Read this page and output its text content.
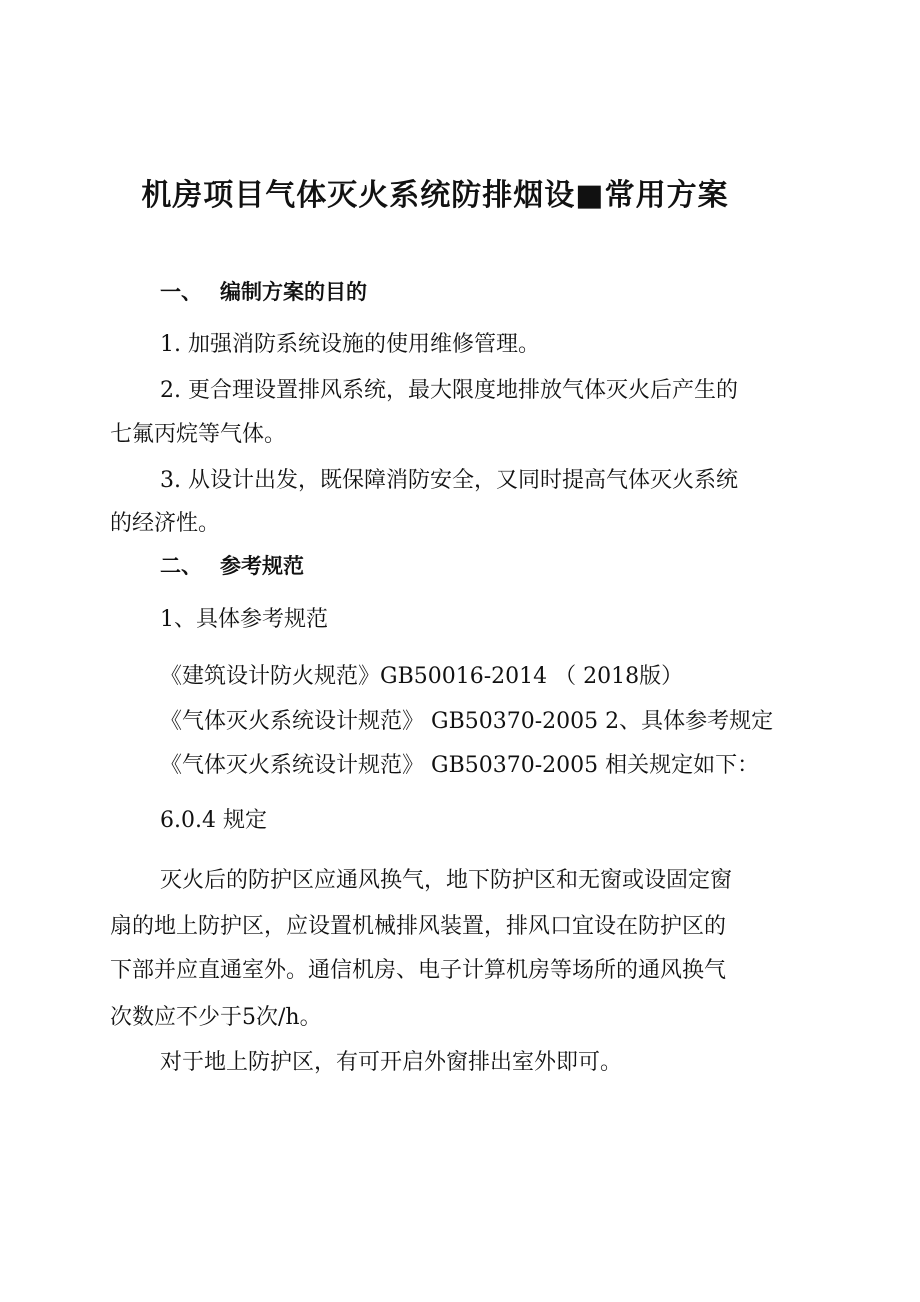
机房项目气体灭火系统防排烟设■常用方案
一、 编制方案的目的
1. 加强消防系统设施的使用维修管理。
2. 更合理设置排风系统，最大限度地排放气体灭火后产生的
七氟丙烷等气体。
3. 从设计出发，既保障消防安全，又同时提高气体灭火系统
的经济性。
二、 参考规范
1、具体参考规范
《建筑设计防火规范》GB50016-2014 （ 2018版）
《气体灭火系统设计规范》 GB50370-2005 2、具体参考规定
《气体灭火系统设计规范》 GB50370-2005 相关规定如下：
6.0.4 规定
灭火后的防护区应通风换气，地下防护区和无窗或设固定窗
扇的地上防护区，应设置机械排风装置，排风口宜设在防护区的
下部并应直通室外。通信机房、电子计算机房等场所的通风换气
次数应不少于5次/h。
对于地上防护区，有可开启外窗排出室外即可。
